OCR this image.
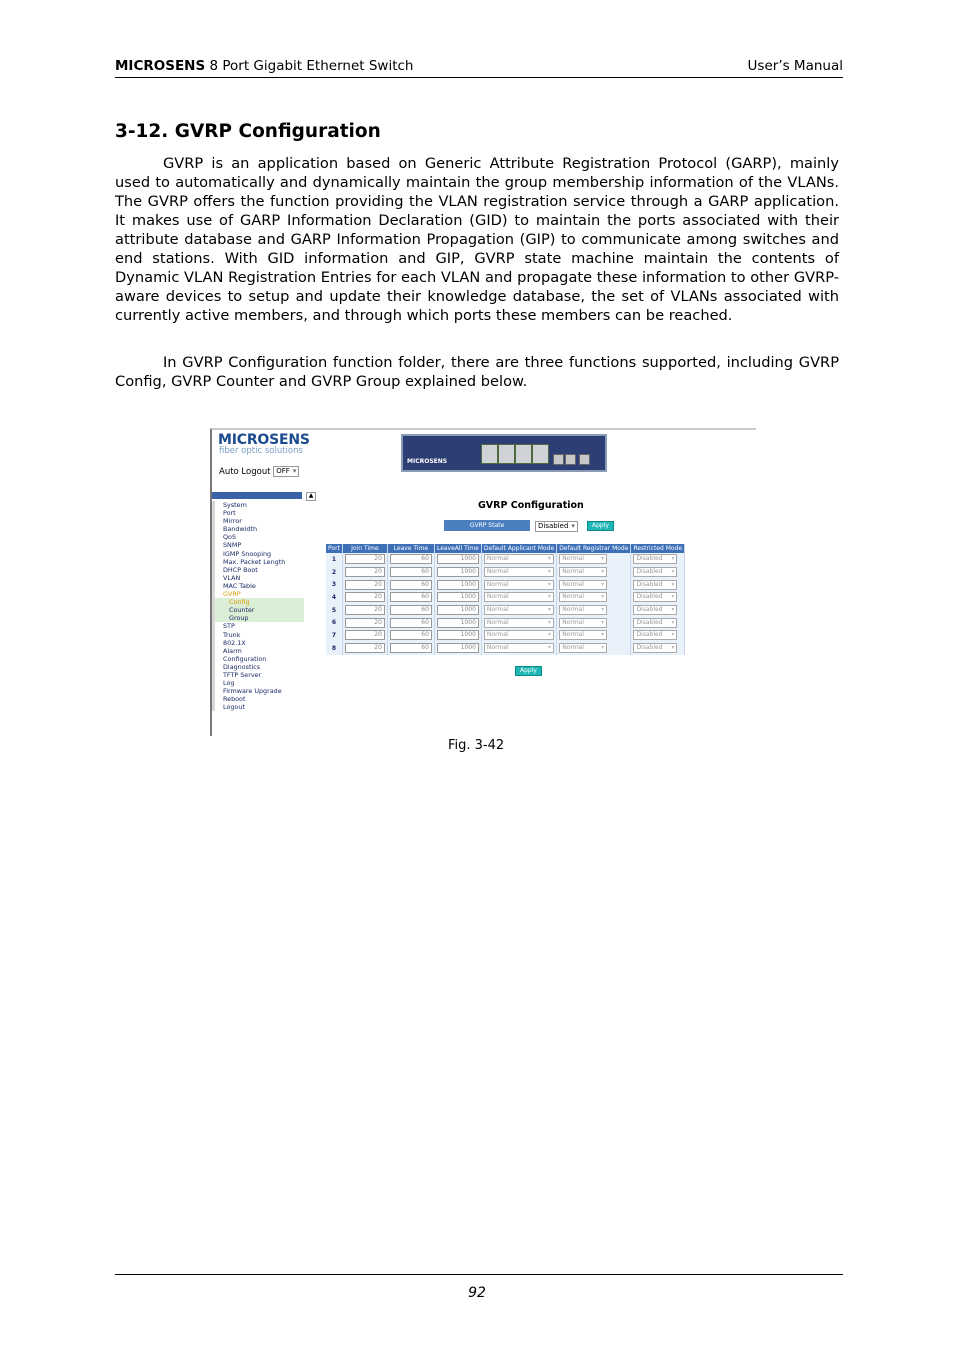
MICROSENS 8 Port Gigabit Ethernet Switch	User’s Manual
3-12. GVRP Configuration

GVRP is an application based on Generic Attribute Registration Protocol (GARP), mainly used to automatically and dynamically maintain the group membership information of the VLANs. The GVRP offers the function providing the VLAN registration service through a GARP application. It makes use of GARP Information Declaration (GID) to maintain the ports associated with their attribute database and GARP Information Propagation (GIP) to communicate among switches and end stations. With GID information and GIP, GVRP state machine maintain the contents of Dynamic VLAN Registration Entries for each VLAN and propagate these information to other GVRP-aware devices to setup and update their knowledge database, the set of VLANs associated with currently active members, and through which ports these members can be reached.

In GVRP Configuration function folder, there are three functions supported, including GVRP Config, GVRP Counter and GVRP Group explained below.

MICROSENS
fiber optic solutions
Auto Logout OFF ▾
MICROSENS
▲
System
Port
Mirror
Bandwidth
QoS
SNMP
IGMP Snooping
Max. Packet Length
DHCP Boot
VLAN
MAC Table
GVRP
Config
Counter
Group
STP
Trunk
802.1X
Alarm
Configuration
Diagnostics
TFTP Server
Log
Firmware Upgrade
Reboot
Logout
GVRP Configuration
GVRP State	Disabled ▾	Apply
Port	Join Time	Leave Time	LeaveAll Time	Default Applicant Mode	Default Registrar Mode	Restricted Mode
1	20	60	1000	Normal ▾	Normal ▾	Disabled ▾

2	20	60	1000	Normal ▾	Normal ▾	Disabled ▾

3	20	60	1000	Normal ▾	Normal ▾	Disabled ▾

4	20	60	1000	Normal ▾	Normal ▾	Disabled ▾

5	20	60	1000	Normal ▾	Normal ▾	Disabled ▾

6	20	60	1000	Normal ▾	Normal ▾	Disabled ▾

7	20	60	1000	Normal ▾	Normal ▾	Disabled ▾

8	20	60	1000	Normal ▾	Normal ▾	Disabled ▾
Apply
Fig. 3-42
92
